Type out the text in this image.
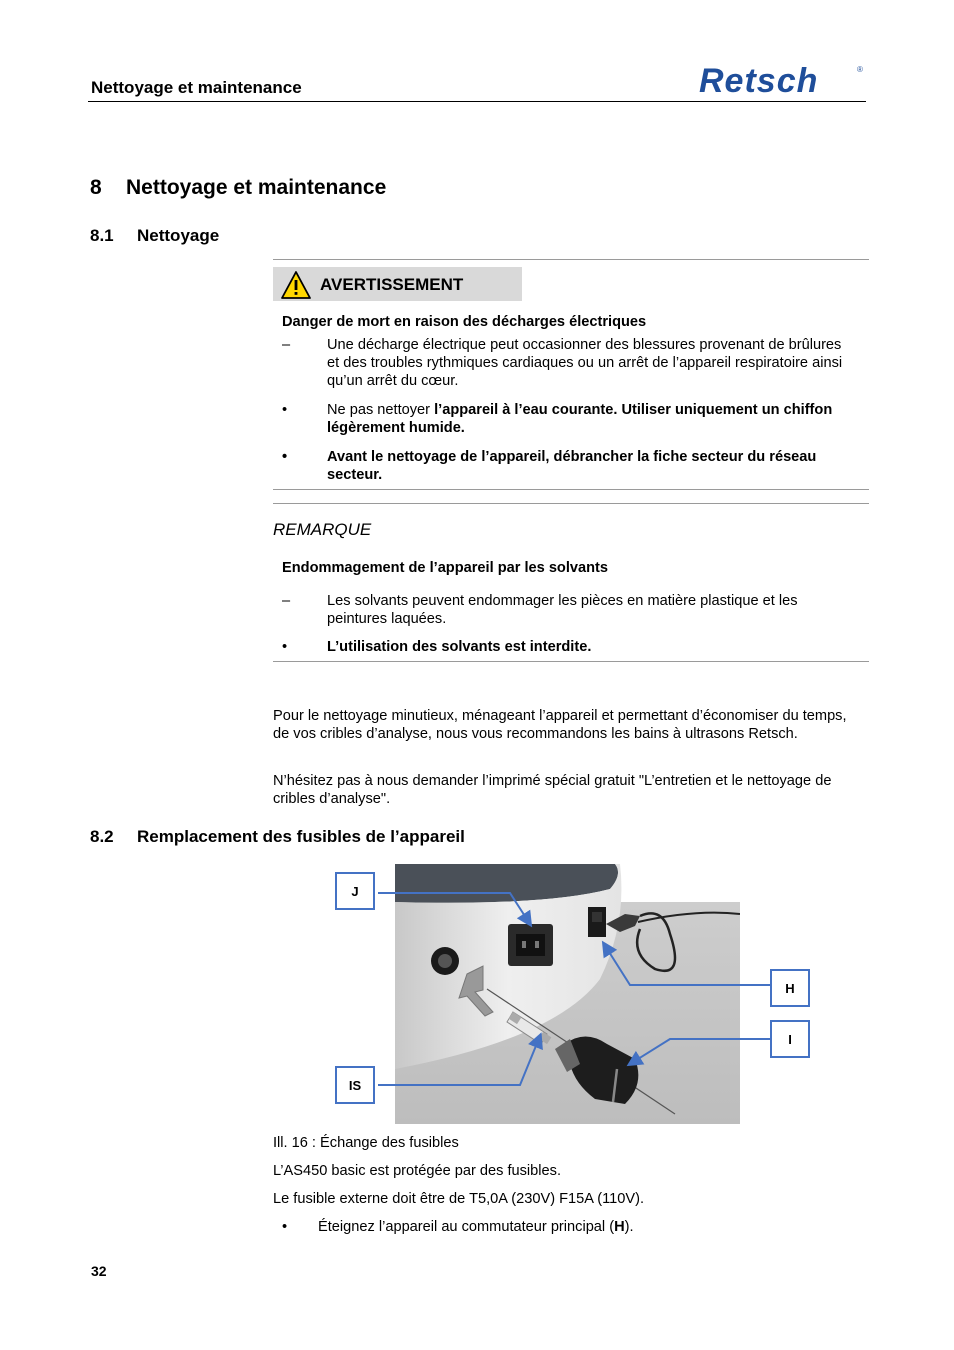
Nettoyage et maintenance	Retsch	®
8 Nettoyage et maintenance
8.1 Nettoyage
AVERTISSEMENT
Danger de mort en raison des décharges électriques
–	Une décharge électrique peut occasionner des blessures provenant de brûlures et des troubles rythmiques cardiaques ou un arrêt de l’appareil respiratoire ainsi qu’un arrêt du cœur.
•	Ne pas nettoyer l’appareil à l’eau courante. Utiliser uniquement un chiffon légèrement humide.
•	Avant le nettoyage de l’appareil, débrancher la fiche secteur du réseau secteur.
REMARQUE
Endommagement de l’appareil par les solvants
–	Les solvants peuvent endommager les pièces en matière plastique et les peintures laquées.
•	L’utilisation des solvants est interdite.
Pour le nettoyage minutieux, ménageant l’appareil et permettant d’économiser du temps, de vos cribles d’analyse, nous vous recommandons les bains à ultrasons Retsch.
N’hésitez pas à nous demander l’imprimé spécial gratuit "L’entretien et le nettoyage de cribles d’analyse".
8.2 Remplacement des fusibles de l’appareil
J
H
I
IS
Ill. 16 : Échange des fusibles
L’AS450 basic est protégée par des fusibles.
Le fusible externe doit être de T5,0A (230V) F15A (110V).
• Éteignez l’appareil au commutateur principal (H).
32
